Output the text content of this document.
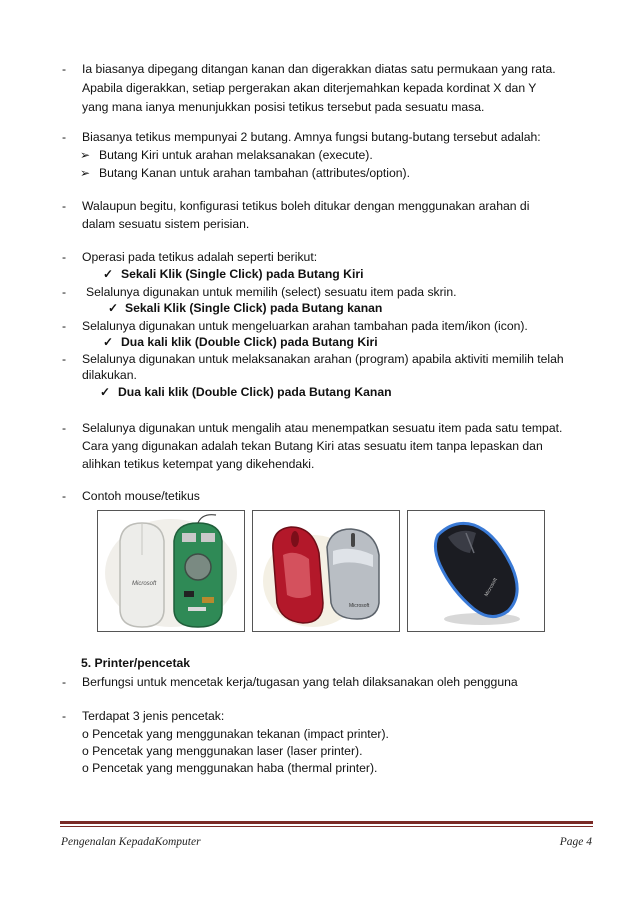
- Ia biasanya dipegang ditangan kanan dan digerakkan diatas satu permukaan yang rata.
Apabila digerakkan, setiap pergerakan akan diterjemahkan kepada kordinat X dan Y
yang mana ianya menunjukkan posisi tetikus tersebut pada sesuatu masa.
- Biasanya tetikus mempunyai 2 butang. Amnya fungsi butang-butang tersebut adalah:
➢ Butang Kiri untuk arahan melaksanakan (execute).
➢ Butang Kanan untuk arahan tambahan (attributes/option).
- Walaupun begitu, konfigurasi tetikus boleh ditukar dengan menggunakan arahan di
dalam sesuatu sistem perisian.
- Operasi pada tetikus adalah seperti berikut:
✓ Sekali Klik (Single Click) pada Butang Kiri
- Selalunya digunakan untuk memilih (select) sesuatu item pada skrin.
✓ Sekali Klik (Single Click) pada Butang kanan
- Selalunya digunakan untuk mengeluarkan arahan tambahan pada item/ikon (icon).
✓ Dua kali klik (Double Click) pada Butang Kiri
- Selalunya digunakan untuk melaksanakan arahan (program) apabila aktiviti memilih telah
dilakukan.
✓ Dua kali klik (Double Click) pada Butang Kanan
- Selalunya digunakan untuk mengalih atau menempatkan sesuatu item pada satu tempat.
Cara yang digunakan adalah tekan Butang Kiri atas sesuatu item tanpa lepaskan dan
alihkan tetikus ketempat yang dikehendaki.
- Contoh mouse/tetikus
Microsoft
Microsoft
Microsoft
5. Printer/pencetak
- Berfungsi untuk mencetak kerja/tugasan yang telah dilaksanakan oleh pengguna
- Terdapat 3 jenis pencetak:
o Pencetak yang menggunakan tekanan (impact printer).
o Pencetak yang menggunakan laser (laser printer).
o Pencetak yang menggunakan haba (thermal printer).
Pengenalan KepadaKomputer	Page 4
